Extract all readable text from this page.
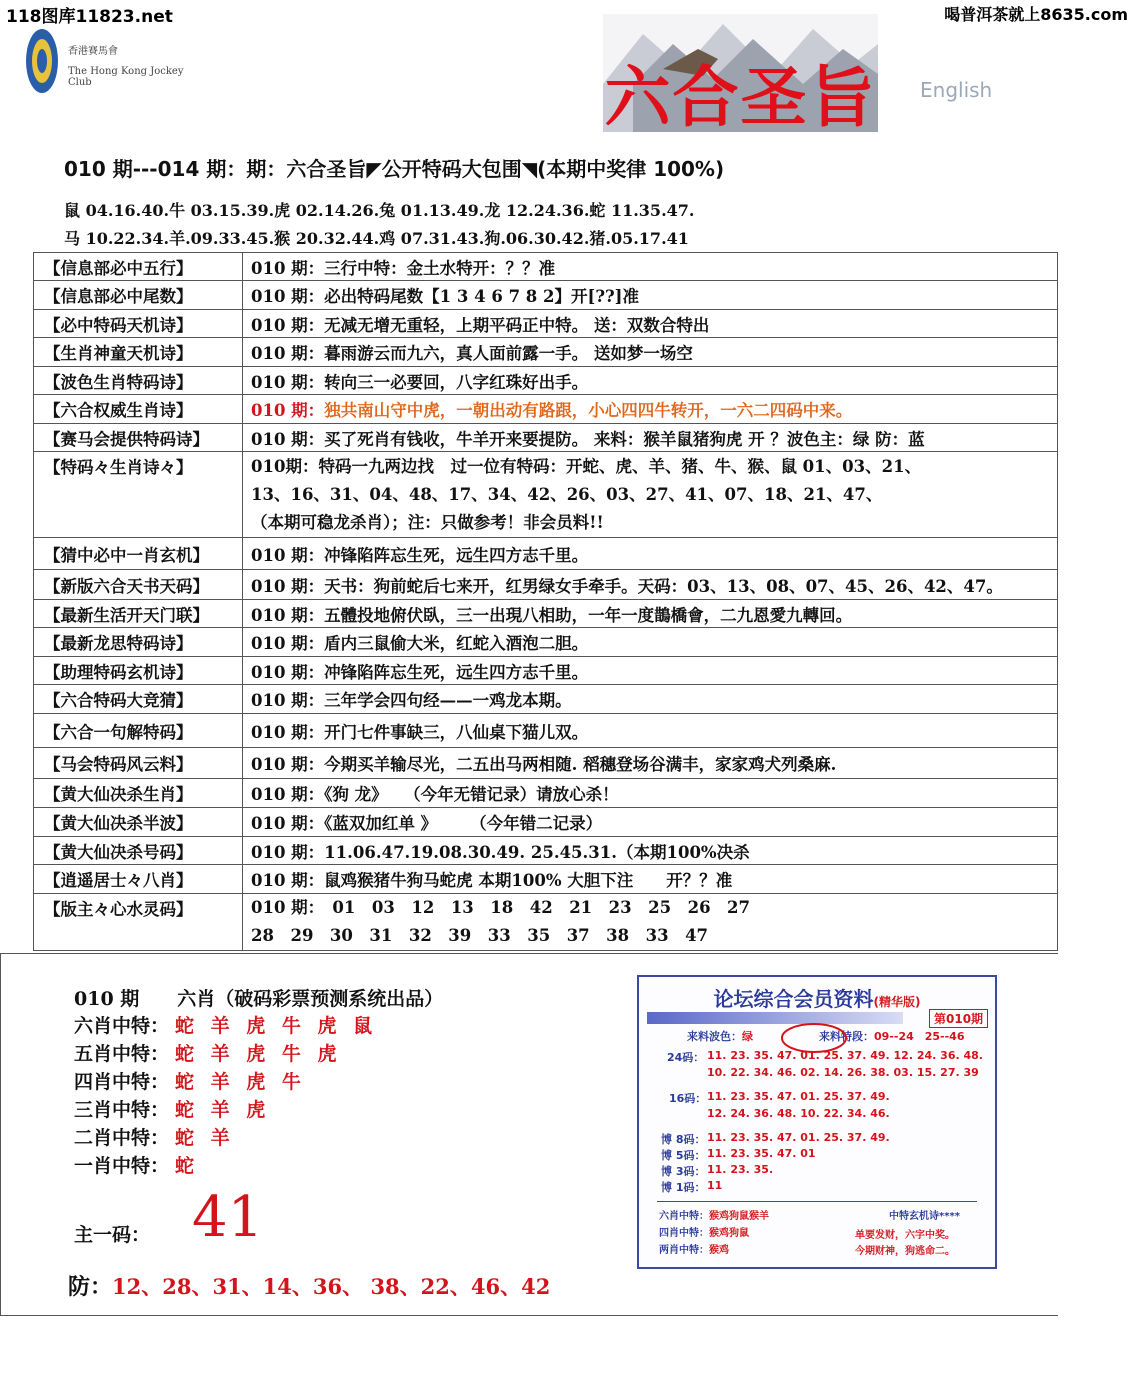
118图库11823.net	喝普洱茶就上8635.com
香港賽馬會
The Hong Kong Jockey Club	六合圣旨 English
010 期---014 期：期：六合圣旨◤公开特码大包围◥(本期中奖律 100%)
鼠 04.16.40.牛 03.15.39.虎 02.14.26.兔 01.13.49.龙 12.24.36.蛇 11.35.47.
马 10.22.34.羊.09.33.45.猴 20.32.44.鸡 07.31.43.狗.06.30.42.猪.05.17.41
【信息部必中五行】	010 期：三行中特：金土水特开：？？准
【信息部必中尾数】	010 期：必出特码尾数【1 3 4 6 7 8 2】开[??]准
【必中特码天机诗】	010 期：无减无增无重轻，上期平码正中特。 送：双数合特出
【生肖神童天机诗】	010 期：暮雨游云而九六，真人面前露一手。 送如梦一场空
【波色生肖特码诗】	010 期：转向三一必要回，八字红珠好出手。
【六合权威生肖诗】	010 期：独共南山守中虎，一朝出动有路跟，小心四四牛转开，一六二四码中来。
【赛马会提供特码诗】	010 期：买了死肖有钱收，牛羊开来要提防。 来料：猴羊鼠猪狗虎 开 ？波色主：绿 防：蓝
【特码々生肖诗々】	010期：特码一九两边找　过一位有特码：开蛇、虎、羊、猪、牛、猴、鼠 01、03、21、
13、16、31、04、48、17、34、42、26、03、27、41、07、18、21、47、
（本期可稳龙杀肖）；注：只做参考！非会员料!!

【猜中必中一肖玄机】	010 期：冲锋陷阵忘生死，远生四方志千里。
【新版六合天书天码】	010 期：天书：狗前蛇后七来开，红男绿女手牵手。天码：03、13、08、07、45、26、42、47。
【最新生活开天门联】	010 期：五體投地俯伏臥，三一出現八相助，一年一度鵲橋會，二九恩愛九轉回。
【最新龙思特码诗】	010 期：盾内三鼠偷大米，红蛇入酒泡二胆。
【助理特码玄机诗】	010 期：冲锋陷阵忘生死，远生四方志千里。
【六合特码大竞猜】	010 期：三年学会四句经——一鸡龙本期。
【六合一句解特码】	010 期：开门七件事缺三，八仙桌下猫儿双。
【马会特码风云料】	010 期：今期买羊输尽光，二五出马两相随. 稻穗登场谷满丰，家家鸡犬列桑麻.
【黄大仙决杀生肖】	010 期：《狗 龙》　　（今年无错记录）请放心杀！
【黄大仙决杀半波】	010 期：《蓝双加红单 》　　　（今年错二记录）
【黄大仙决杀号码】	010 期：11.06.47.19.08.30.49. 25.45.31.（本期100%决杀
【逍遥居士々八肖】	010 期：鼠鸡猴猪牛狗马蛇虎 本期100% 大胆下注　　开？？准
【版主々心水灵码】	010 期：　01　03　12　13　18　42　21　23　25　26　27
28　29　30　31　32　39　33　35　37　38　33　47
010 期　　六肖（破码彩票预测系统出品）
六肖中特： 蛇 羊 虎 牛 虎 鼠
五肖中特： 蛇 羊 虎 牛 虎
四肖中特： 蛇 羊 虎 牛
三肖中特： 蛇 羊 虎
二肖中特： 蛇 羊
一肖中特： 蛇
主一码： 41
防：12、28、31、14、36、 38、22、46、42
论坛综合会员资料(精华版)
第010期
来料波色：绿	来料特段：09--24　25--46
24码： 11. 23. 35. 47. 01. 25. 37. 49. 12. 24. 36. 48.
10. 22. 34. 46. 02. 14. 26. 38. 03. 15. 27. 39
16码： 11. 23. 35. 47. 01. 25. 37. 49.
12. 24. 36. 48. 10. 22. 34. 46.
博 8码： 11. 23. 35. 47. 01. 25. 37. 49.
博 5码： 11. 23. 35. 47. 01
博 3码： 11. 23. 35.
博 1码： 11
六肖中特：猴鸡狗鼠猴羊
四肖中特：猴鸡狗鼠
两肖中特：猴鸡
中特玄机诗****
单要发财，六字中奖。
今期财神，狗逃命二。
